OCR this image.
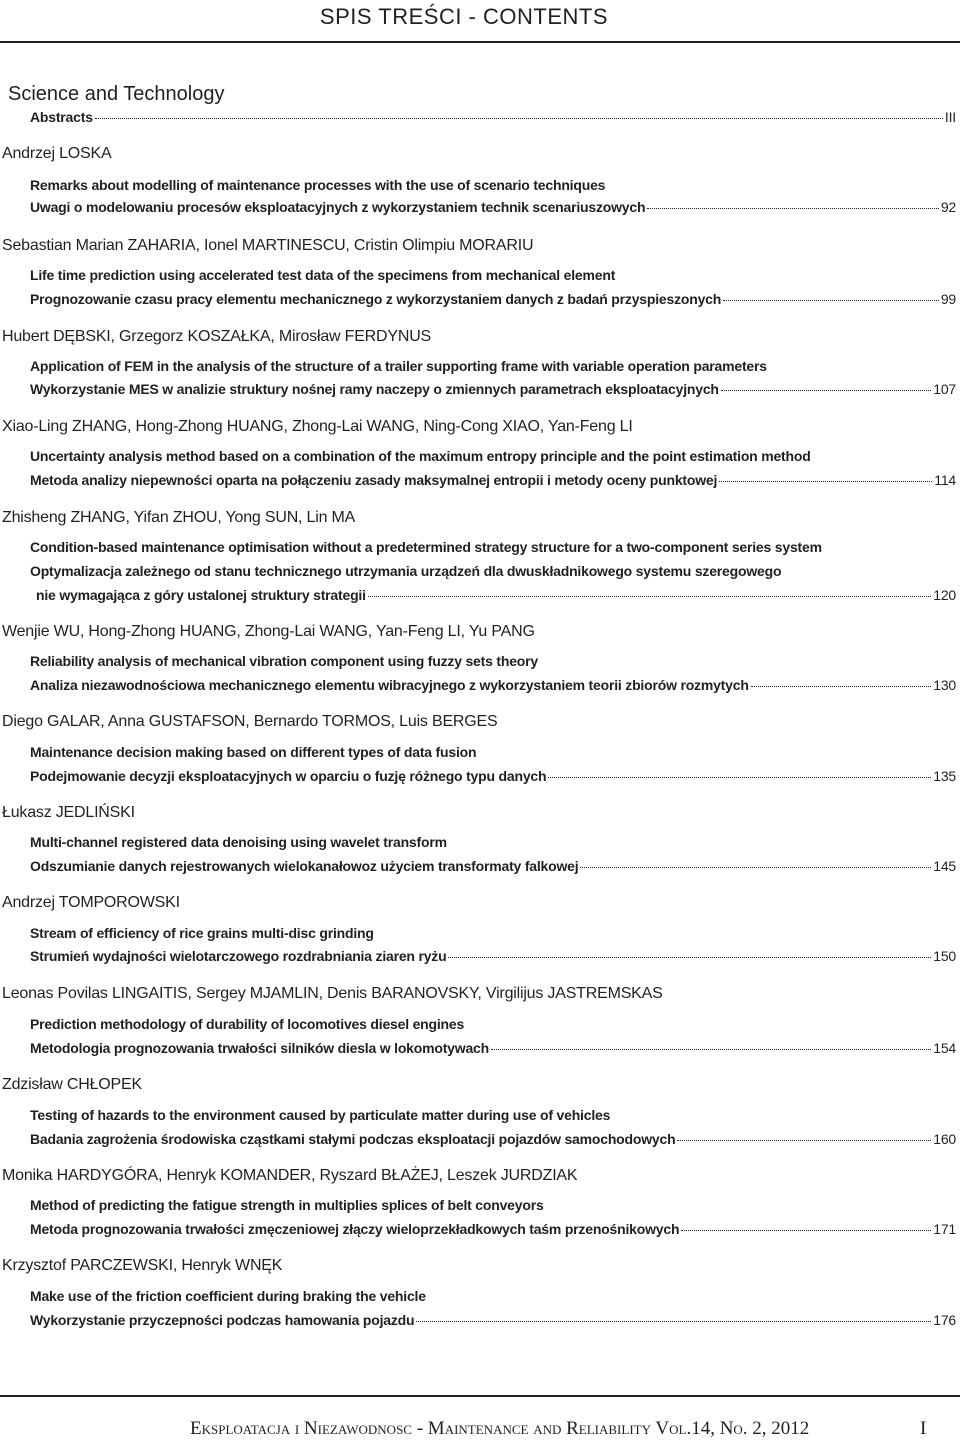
SPIS TREŚCI - CONTENTS
Science and Technology
Abstracts	III
Andrzej LOSKA
Remarks about modelling of maintenance processes with the use of scenario techniques
Uwagi o modelowaniu procesów eksploatacyjnych z wykorzystaniem technik scenariuszowych	92
Sebastian Marian ZAHARIA, Ionel MARTINESCU, Cristin Olimpiu MORARIU
Life time prediction using accelerated test data of the specimens from mechanical element
Prognozowanie czasu pracy elementu mechanicznego z wykorzystaniem danych z badań przyspieszonych	99
Hubert DĘBSKI, Grzegorz KOSZAŁKA, Mirosław FERDYNUS
Application of FEM in the analysis of the structure of a trailer supporting frame with variable operation parameters
Wykorzystanie MES w analizie struktury nośnej ramy naczepy o zmiennych parametrach eksploatacyjnych	107
Xiao-Ling ZHANG, Hong-Zhong HUANG, Zhong-Lai WANG, Ning-Cong XIAO, Yan-Feng LI
Uncertainty analysis method based on a combination of the maximum entropy principle and the point estimation method
Metoda analizy niepewności oparta na połączeniu zasady maksymalnej entropii i metody oceny punktowej	114
Zhisheng ZHANG, Yifan ZHOU, Yong SUN, Lin MA
Condition-based maintenance optimisation without a predetermined strategy structure for a two-component series system
Optymalizacja zależnego od stanu technicznego utrzymania urządzeń dla dwuskładnikowego systemu szeregowego
nie wymagająca z góry ustalonej struktury strategii	120
Wenjie WU, Hong-Zhong HUANG, Zhong-Lai WANG, Yan-Feng LI, Yu PANG
Reliability analysis of mechanical vibration component using fuzzy sets theory
Analiza niezawodnościowa mechanicznego elementu wibracyjnego z wykorzystaniem teorii zbiorów rozmytych	130
Diego GALAR, Anna GUSTAFSON, Bernardo TORMOS, Luis BERGES
Maintenance decision making based on different types of data fusion
Podejmowanie decyzji eksploatacyjnych w oparciu o fuzję różnego typu danych	135
Łukasz JEDLIŃSKI
Multi-channel registered data denoising using wavelet transform
Odszumianie danych rejestrowanych wielokanałowoz użyciem transformaty falkowej	145
Andrzej TOMPOROWSKI
Stream of efficiency of rice grains multi-disc grinding
Strumień wydajności wielotarczowego rozdrabniania ziaren ryżu	150
Leonas Povilas LINGAITIS, Sergey MJAMLIN, Denis BARANOVSKY, Virgilijus JASTREMSKAS
Prediction methodology of durability of locomotives diesel engines
Metodologia prognozowania trwałości silników diesla w lokomotywach	154
Zdzisław CHŁOPEK
Testing of hazards to the environment caused by particulate matter during use of vehicles
Badania zagrożenia środowiska cząstkami stałymi podczas eksploatacji pojazdów samochodowych	160
Monika HARDYGÓRA, Henryk KOMANDER, Ryszard BŁAŻEJ, Leszek JURDZIAK
Method of predicting the fatigue strength in multiplies splices of belt conveyors
Metoda prognozowania trwałości zmęczeniowej złączy wieloprzekładkowych taśm przenośnikowych	171
Krzysztof PARCZEWSKI, Henryk WNĘK
Make use of the friction coefficient during braking the vehicle
Wykorzystanie przyczepności podczas hamowania pojazdu	176
Eksploatacja i Niezawodnosc - Maintenance and Reliability Vol.14, No. 2, 2012	I
